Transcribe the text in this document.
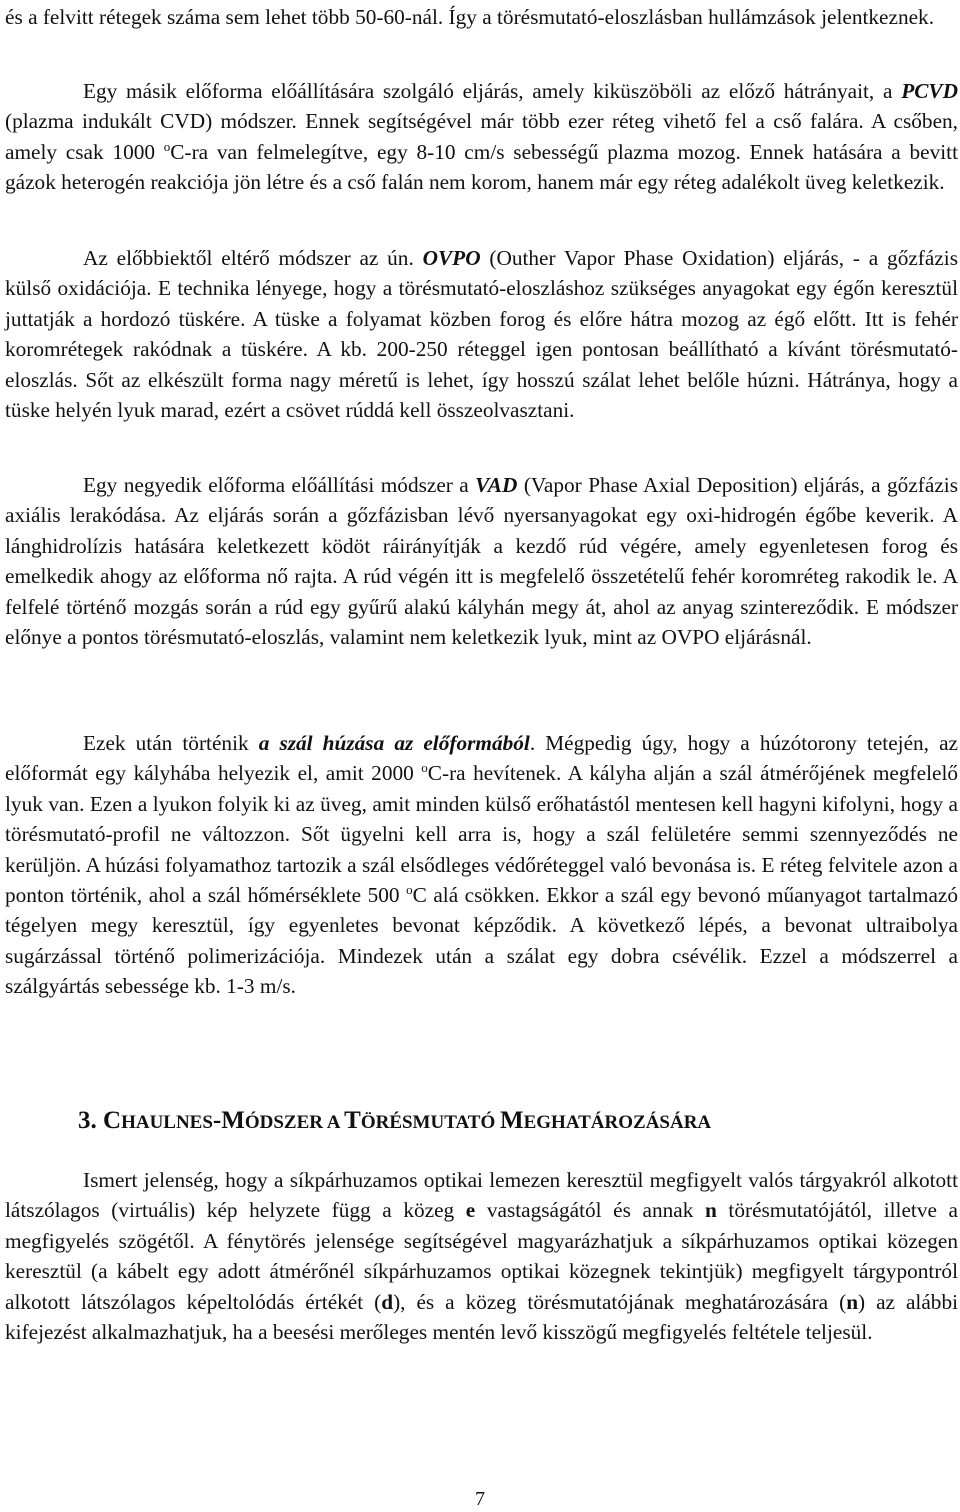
és a felvitt rétegek száma sem lehet több 50-60-nál. Így a törésmutató-eloszlásban hullámzások jelentkeznek.

Egy másik előforma előállítására szolgáló eljárás, amely kiküszöböli az előző hátrányait, a PCVD (plazma indukált CVD) módszer. Ennek segítségével már több ezer réteg vihető fel a cső falára. A csőben, amely csak 1000 $^o$C-ra van felmelegítve, egy 8-10 cm/s sebességű plazma mozog. Ennek hatására a bevitt gázok heterogén reakciója jön létre és a cső falán nem korom, hanem már egy réteg adalékolt üveg keletkezik.

Az előbbiektől eltérő módszer az ún. OVPO (Outher Vapor Phase Oxidation) eljárás, - a gőzfázis külső oxidációja. E technika lényege, hogy a törésmutató-eloszláshoz szükséges anyagokat egy égőn keresztül juttatják a hordozó tüskére. A tüske a folyamat közben forog és előre hátra mozog az égő előtt. Itt is fehér koromrétegek rakódnak a tüskére. A kb. 200-250 réteggel igen pontosan beállítható a kívánt törésmutató-eloszlás. Sőt az elkészült forma nagy méretű is lehet, így hosszú szálat lehet belőle húzni. Hátránya, hogy a tüske helyén lyuk marad, ezért a csövet rúddá kell összeolvasztani.

Egy negyedik előforma előállítási módszer a VAD (Vapor Phase Axial Deposition) eljárás, a gőzfázis axiális lerakódása. Az eljárás során a gőzfázisban lévő nyersanyagokat egy oxi-hidrogén égőbe keverik. A lánghidrolízis hatására keletkezett ködöt ráirányítják a kezdő rúd végére, amely egyenletesen forog és emelkedik ahogy az előforma nő rajta. A rúd végén itt is megfelelő összetételű fehér koromréteg rakodik le. A felfelé történő mozgás során a rúd egy gyűrű alakú kályhán megy át, ahol az anyag szintereződik. E módszer előnye a pontos törésmutató-eloszlás, valamint nem keletkezik lyuk, mint az OVPO eljárásnál.

Ezek után történik a szál húzása az előformából. Mégpedig úgy, hogy a húzótorony tetején, az előformát egy kályhába helyezik el, amit 2000 $^o$C-ra hevítenek. A kályha alján a szál átmérőjének megfelelő lyuk van. Ezen a lyukon folyik ki az üveg, amit minden külső erőhatástól mentesen kell hagyni kifolyni, hogy a törésmutató-profil ne változzon. Sőt ügyelni kell arra is, hogy a szál felületére semmi szennyeződés ne kerüljön. A húzási folyamathoz tartozik a szál elsődleges védőréteggel való bevonása is. E réteg felvitele azon a ponton történik, ahol a szál hőmérséklete 500 $^o$C alá csökken. Ekkor a szál egy bevonó műanyagot tartalmazó tégelyen megy keresztül, így egyenletes bevonat képződik. A következő lépés, a bevonat ultraibolya sugárzással történő polimerizációja. Mindezek után a szálat egy dobra csévélik. Ezzel a módszerrel a szálgyártás sebessége kb. 1-3 m/s.

3. CHAULNES-MÓDSZER A TÖRÉSMUTATÓ MEGHATÁROZÁSÁRA

Ismert jelenség, hogy a síkpárhuzamos optikai lemezen keresztül megfigyelt valós tárgyakról alkotott látszólagos (virtuális) kép helyzete függ a közeg e vastagságától és annak n törésmutatójától, illetve a megfigyelés szögétől. A fénytörés jelensége segítségével magyarázhatjuk a síkpárhuzamos optikai közegen keresztül (a kábelt egy adott átmérőnél síkpárhuzamos optikai közegnek tekintjük) megfigyelt tárgypontról alkotott látszólagos képeltolódás értékét (d), és a közeg törésmutatójának meghatározására (n) az alábbi kifejezést alkalmazhatjuk, ha a beesési merőleges mentén levő kisszögű megfigyelés feltétele teljesül.

7
